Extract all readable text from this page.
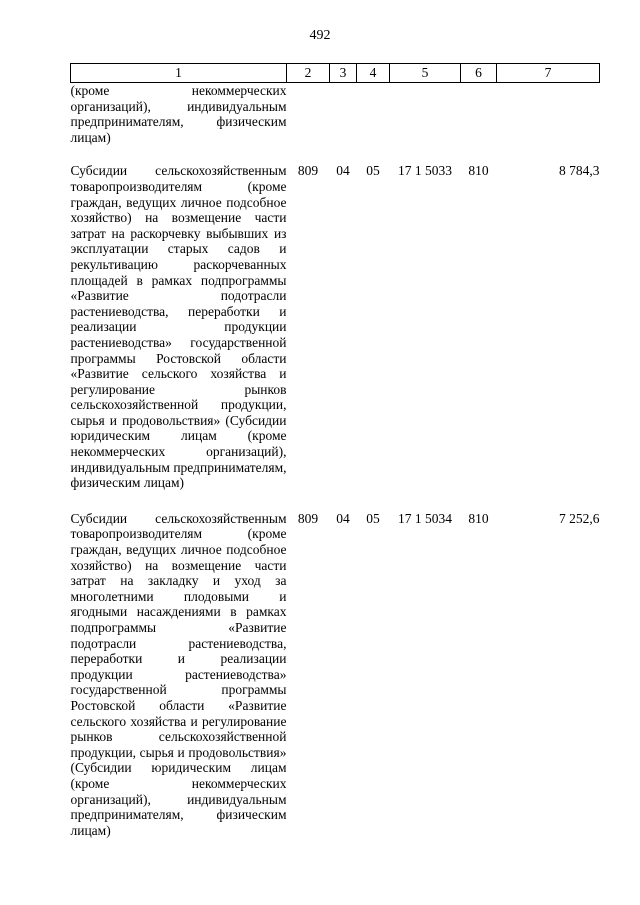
492
1	2	3	4	5	6	7
(кроме некоммерческих организаций), индивидуальным предпринимателям, физическим лицам)						
Субсидии сельскохозяйственным товаропроизводителям (кроме граждан, ведущих личное подсобное хозяйство) на возмещение части затрат на раскорчевку выбывших из эксплуатации старых садов и рекультивацию раскорчеванных площадей в рамках подпрограммы «Развитие подотрасли растениеводства, переработки и реализации продукции растениеводства» государственной программы Ростовской области «Развитие сельского хозяйства и регулирование рынков сельскохозяйственной продукции, сырья и продовольствия» (Субсидии юридическим лицам (кроме некоммерческих организаций), индивидуальным предпринимателям, физическим лицам)	809	04	05	17 1 5033	810	8 784,3
Субсидии сельскохозяйственным товаропроизводителям (кроме граждан, ведущих личное подсобное хозяйство) на возмещение части затрат на закладку и уход за многолетними плодовыми и ягодными насаждениями в рамках подпрограммы «Развитие подотрасли растениеводства, переработки и реализации продукции растениеводства» государственной программы Ростовской области «Развитие сельского хозяйства и регулирование рынков сельскохозяйственной продукции, сырья и продовольствия» (Субсидии юридическим лицам (кроме некоммерческих организаций), индивидуальным предпринимателям, физическим лицам)	809	04	05	17 1 5034	810	7 252,6
